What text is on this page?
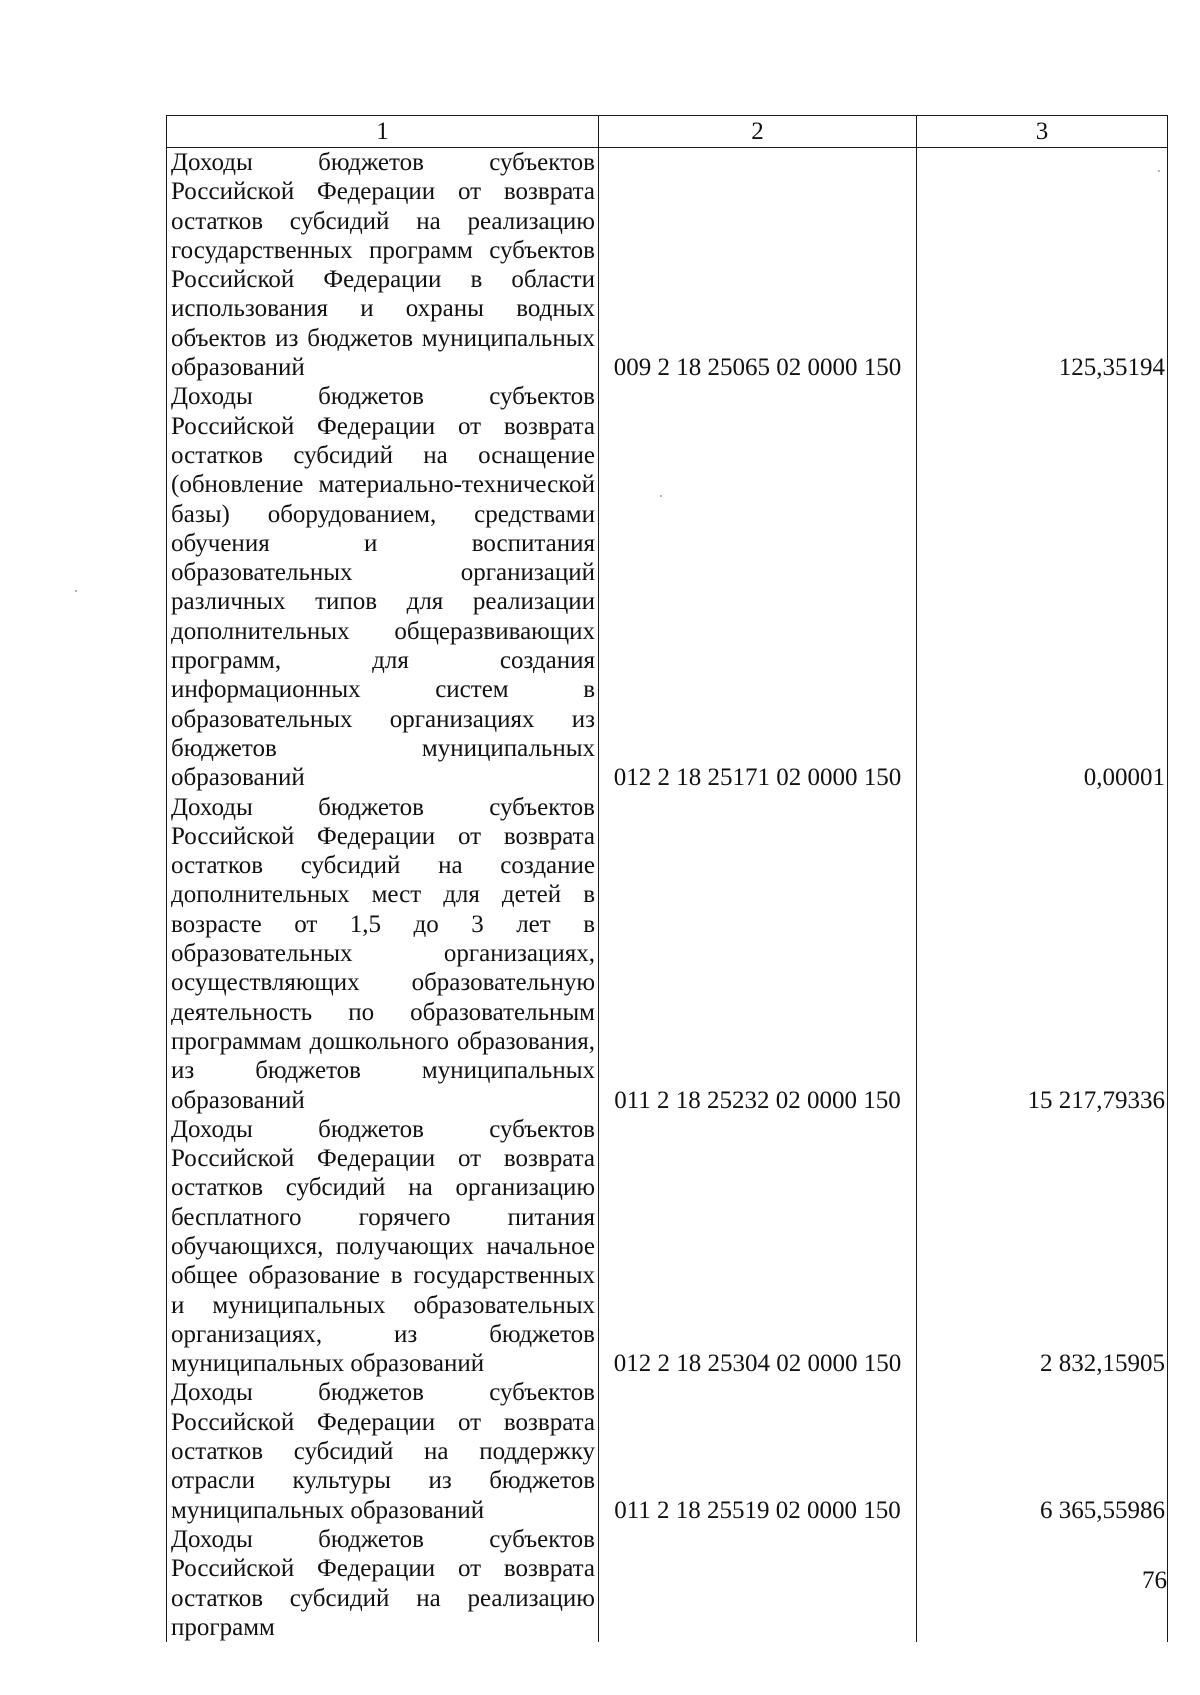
1	2	3
Доходы бюджетов субъектов Российской Федерации от возврата остатков субсидий на реализацию государственных программ субъектов Российской Федерации в области использования и охраны водных объектов из бюджетов муниципальных образований	009 2 18 25065 02 0000 150	125,35194
Доходы бюджетов субъектов Российской Федерации от возврата остатков субсидий на оснащение (обновление материально-технической базы) оборудованием, средствами обучения и воспитания образовательных организаций различных типов для реализации дополнительных общеразвивающих программ, для создания информационных систем в образовательных организациях из бюджетов муниципальных образований	012 2 18 25171 02 0000 150	0,00001
Доходы бюджетов субъектов Российской Федерации от возврата остатков субсидий на создание дополнительных мест для детей в возрасте от 1,5 до 3 лет в образовательных организациях, осуществляющих образовательную деятельность по образовательным программам дошкольного образования, из бюджетов муниципальных образований	011 2 18 25232 02 0000 150	15 217,79336
Доходы бюджетов субъектов Российской Федерации от возврата остатков субсидий на организацию бесплатного горячего питания обучающихся, получающих начальное общее образование в государственных и муниципальных образовательных организациях, из бюджетов муниципальных образований	012 2 18 25304 02 0000 150	2 832,15905
Доходы бюджетов субъектов Российской Федерации от возврата остатков субсидий на поддержку отрасли культуры из бюджетов муниципальных образований	011 2 18 25519 02 0000 150	6 365,55986
Доходы бюджетов субъектов Российской Федерации от возврата остатков субсидий на реализацию программ		
76
